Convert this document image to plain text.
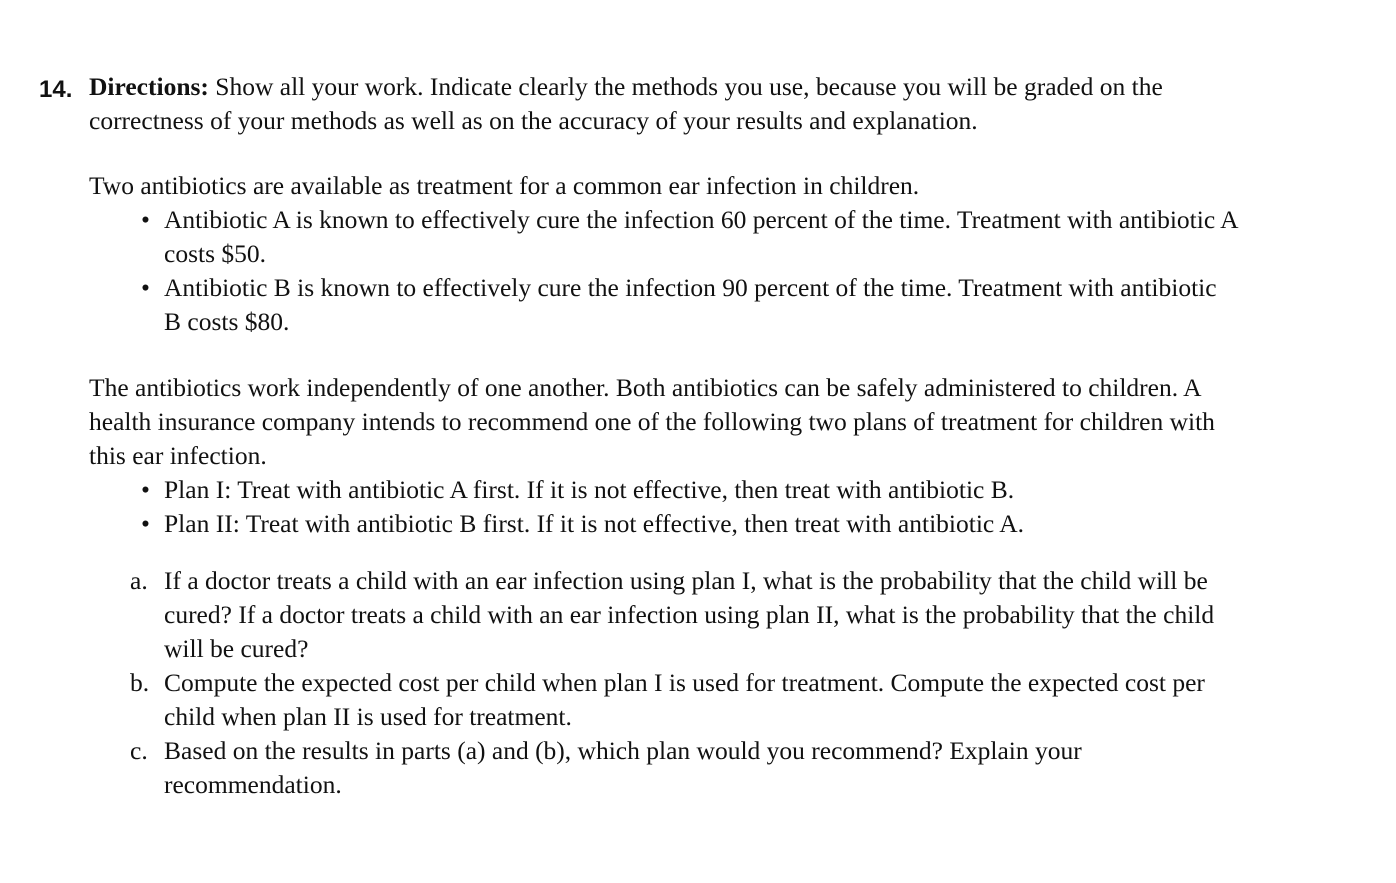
14. Directions: Show all your work. Indicate clearly the methods you use, because you will be graded on the correctness of your methods as well as on the accuracy of your results and explanation.

Two antibiotics are available as treatment for a common ear infection in children.

• Antibiotic A is known to effectively cure the infection 60 percent of the time. Treatment with antibiotic A costs $50.
• Antibiotic B is known to effectively cure the infection 90 percent of the time. Treatment with antibiotic B costs $80.

The antibiotics work independently of one another. Both antibiotics can be safely administered to children. A health insurance company intends to recommend one of the following two plans of treatment for children with this ear infection.

• Plan I: Treat with antibiotic A first. If it is not effective, then treat with antibiotic B.
• Plan II: Treat with antibiotic B first. If it is not effective, then treat with antibiotic A.
a. If a doctor treats a child with an ear infection using plan I, what is the probability that the child will be cured? If a doctor treats a child with an ear infection using plan II, what is the probability that the child will be cured?
b. Compute the expected cost per child when plan I is used for treatment. Compute the expected cost per child when plan II is used for treatment.
c. Based on the results in parts (a) and (b), which plan would you recommend? Explain your recommendation.
